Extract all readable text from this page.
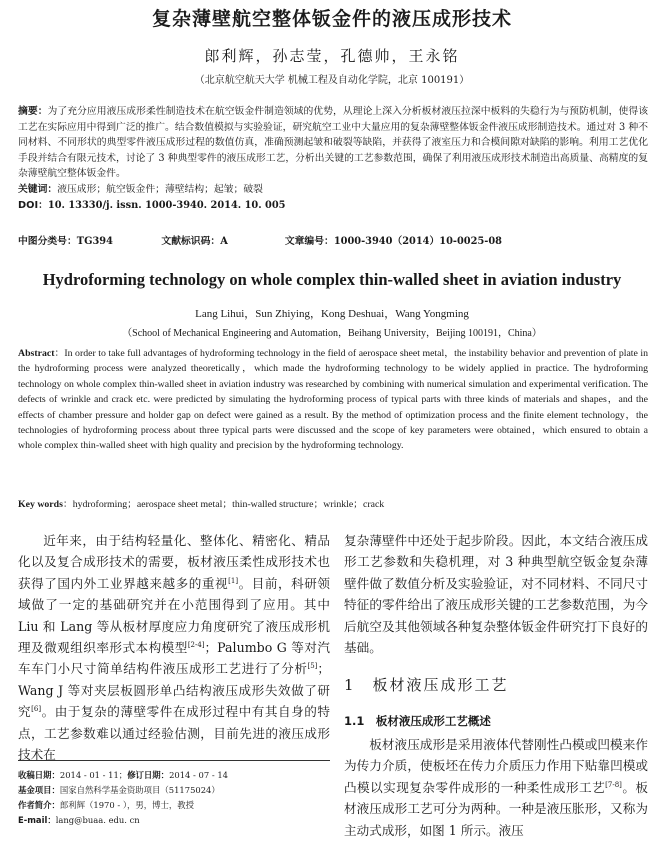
复杂薄壁航空整体钣金件的液压成形技术
郎利辉，孙志莹，孔德帅，王永铭
（北京航空航天大学 机械工程及自动化学院，北京 100191）
摘要：为了充分应用液压成形柔性制造技术在航空钣金件制造领域的优势，从理论上深入分析板材液压拉深中板料的失稳行为与预防机制，使得该工艺在实际应用中得到广泛的推广。结合数值模拟与实验验证，研究航空工业中大量应用的复杂薄壁整体钣金件液压成形制造技术。通过对 3 种不同材料、不同形状的典型零件液压成形过程的数值仿真，准确预测起皱和破裂等缺陷，并获得了液室压力和合模间隙对缺陷的影响。利用工艺优化手段并结合有限元技术，讨论了 3 种典型零件的液压成形工艺，分析出关键的工艺参数范围，确保了利用液压成形技术制造出高质量、高精度的复杂薄壁航空整体钣金件。
关键词：液压成形；航空钣金件；薄壁结构；起皱；破裂
DOI：10. 13330/j. issn. 1000-3940. 2014. 10. 005
中图分类号：TG394	文献标识码：A	文章编号：1000-3940（2014）10-0025-08
Hydroforming technology on whole complex thin-walled sheet in aviation industry
Lang Lihui，Sun Zhiying，Kong Deshuai，Wang Yongming
（School of Mechanical Engineering and Automation，Beihang University，Beijing 100191，China）
Abstract：In order to take full advantages of hydroforming technology in the field of aerospace sheet metal，the instability behavior and prevention of plate in the hydroforming process were analyzed theoretically，which made the hydroforming technology to be widely applied in practice. The hydroforming technology on whole complex thin-walled sheet in aviation industry was researched by combining with numerical simulation and experimental verification. The defects of wrinkle and crack etc. were predicted by simulating the hydroforming process of typical parts with three kinds of materials and shapes，and the effects of chamber pressure and holder gap on defect were gained as a result. By the method of optimization process and the finite element technology，the technologies of hydroforming process about three typical parts were discussed and the scope of key parameters were obtained，which ensured to obtain a whole complex thin-walled sheet with high quality and precision by the hydroforming technology.
Key words：hydroforming；aerospace sheet metal；thin-walled structure；wrinkle；crack
近年来，由于结构轻量化、整体化、精密化、精品化以及复合成形技术的需要，板材液压柔性成形技术也获得了国内外工业界越来越多的重视[1]。目前，科研领域做了一定的基础研究并在小范围得到了应用。其中 Liu 和 Lang 等从板材厚度应力角度研究了液压成形机理及微观组织率形式本构模型[2-4]；Palumbo G 等对汽车车门小尺寸简单结构件液压成形工艺进行了分析[5]；Wang J 等对夹层板圆形单凸结构液压成形失效做了研究[6]。由于复杂的薄壁零件在成形过程中有其自身的特点，工艺参数难以通过经验估测，目前先进的液压成形技术在
复杂薄壁件中还处于起步阶段。因此，本文结合液压成形工艺参数和失稳机理，对 3 种典型航空钣金复杂薄壁件做了数值分析及实验验证，对不同材料、不同尺寸特征的零件给出了液压成形关键的工艺参数范围，为今后航空及其他领域各种复杂整体钣金件研究打下良好的基础。
1　板材液压成形工艺
1.1　板材液压成形工艺概述
板材液压成形是采用液体代替刚性凸模或凹模来作为传力介质，使板坯在传力介质压力作用下贴靠凹模或凸模以实现复杂零件成形的一种柔性成形工艺[7-8]。板材液压成形工艺可分为两种。一种是液压胀形，又称为主动式成形，如图 1 所示。液压
收稿日期：2014 - 01 - 11；修订日期：2014 - 07 - 14
基金项目：国家自然科学基金资助项目（51175024）
作者简介：郎利辉（1970 - ），男，博士，教授
E-mail：lang@buaa. edu. cn
